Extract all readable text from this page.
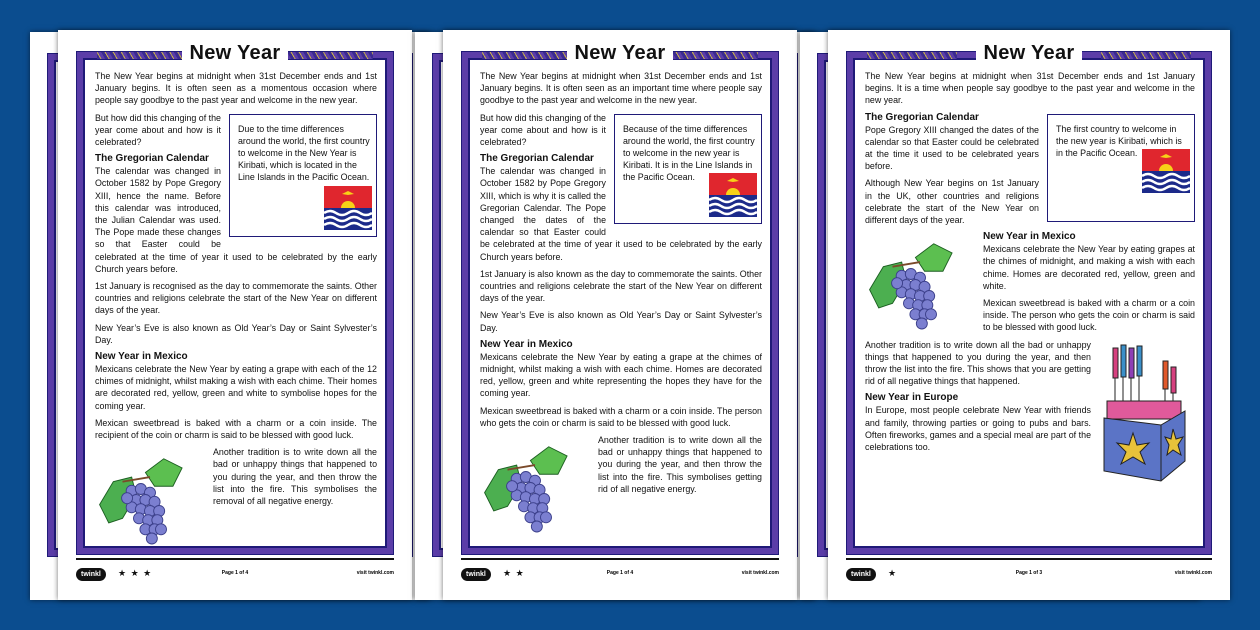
New Year

The New Year begins at midnight when 31st December ends and 1st January begins. It is often seen as a momentous occasion where people say goodbye to the past year and welcome in the new year.

Due to the time differences around the world, the first country to welcome in the New Year is Kiribati, which is located in the Line Islands in the Pacific Ocean.

But how did this changing of the year come about and how is it celebrated?

The Gregorian Calendar

The calendar was changed in October 1582 by Pope Gregory XIII, hence the name. Before this calendar was introduced, the Julian Calendar was used. The Pope made these changes so that Easter could be celebrated at the time of year it used to be celebrated by the early Church years before.

1st January is recognised as the day to commemorate the saints. Other countries and religions celebrate the start of the New Year on different days of the year.

New Year’s Eve is also known as Old Year’s Day or Saint Sylvester’s Day.

New Year in Mexico

Mexicans celebrate the New Year by eating a grape with each of the 12 chimes of midnight, whilst making a wish with each chime. Their homes are decorated red, yellow, green and white to symbolise hopes for the coming year.

Mexican sweetbread is baked with a charm or a coin inside. The recipient of the coin or charm is said to be blessed with good luck.

Another tradition is to write down all the bad or unhappy things that happened to you during the year, and then throw the list into the fire. This symbolises the removal of all negative energy.

twinkl	★ ★ ★	Page 1 of 4	visit twinkl.com
New Year

The New Year begins at midnight when 31st December ends and 1st January begins. It is often seen as an important time where people say goodbye to the past year and welcome in the new year.

Because of the time differences around the world, the first country to welcome in the new year is Kiribati. It is in the Line Islands in the Pacific Ocean.

But how did this changing of the year come about and how is it celebrated?

The Gregorian Calendar

The calendar was changed in October 1582 by Pope Gregory XIII, which is why it is called the Gregorian Calendar. The Pope changed the dates of the calendar so that Easter could be celebrated at the time of year it used to be celebrated by the early Church years before.

1st January is also known as the day to commemorate the saints. Other countries and religions celebrate the start of the New Year on different days of the year.

New Year’s Eve is also known as Old Year’s Day or Saint Sylvester’s Day.

New Year in Mexico

Mexicans celebrate the New Year by eating a grape at the chimes of midnight, whilst making a wish with each chime. Homes are decorated red, yellow, green and white representing the hopes they have for the coming year.

Mexican sweetbread is baked with a charm or a coin inside. The person who gets the coin or charm is said to be blessed with good luck.

Another tradition is to write down all the bad or unhappy things that happened to you during the year, and then throw the list into the fire. This symbolises getting rid of all negative energy.

twinkl	★ ★	Page 1 of 4	visit twinkl.com
New Year

The New Year begins at midnight when 31st December ends and 1st January begins. It is a time when people say goodbye to the past year and welcome in the new year.

The first country to welcome in the new year is Kiribati, which is in the Pacific Ocean.
The Gregorian Calendar

Pope Gregory XIII changed the dates of the calendar so that Easter could be celebrated at the time it used to be celebrated years before.

Although New Year begins on 1st January in the UK, other countries and religions celebrate the start of the New Year on different days of the year.

New Year in Mexico

Mexicans celebrate the New Year by eating grapes at the chimes of midnight, and making a wish with each chime. Homes are decorated red, yellow, green and white.

Mexican sweetbread is baked with a charm or a coin inside. The person who gets the coin or charm is said to be blessed with good luck.

Another tradition is to write down all the bad or unhappy things that happened to you during the year, and then throw the list into the fire. This shows that you are getting rid of all negative things that happened.

New Year in Europe

In Europe, most people celebrate New Year with friends and family, throwing parties or going to pubs and bars. Often fireworks, games and a special meal are part of the celebrations too.

twinkl	★	Page 1 of 3	visit twinkl.com
